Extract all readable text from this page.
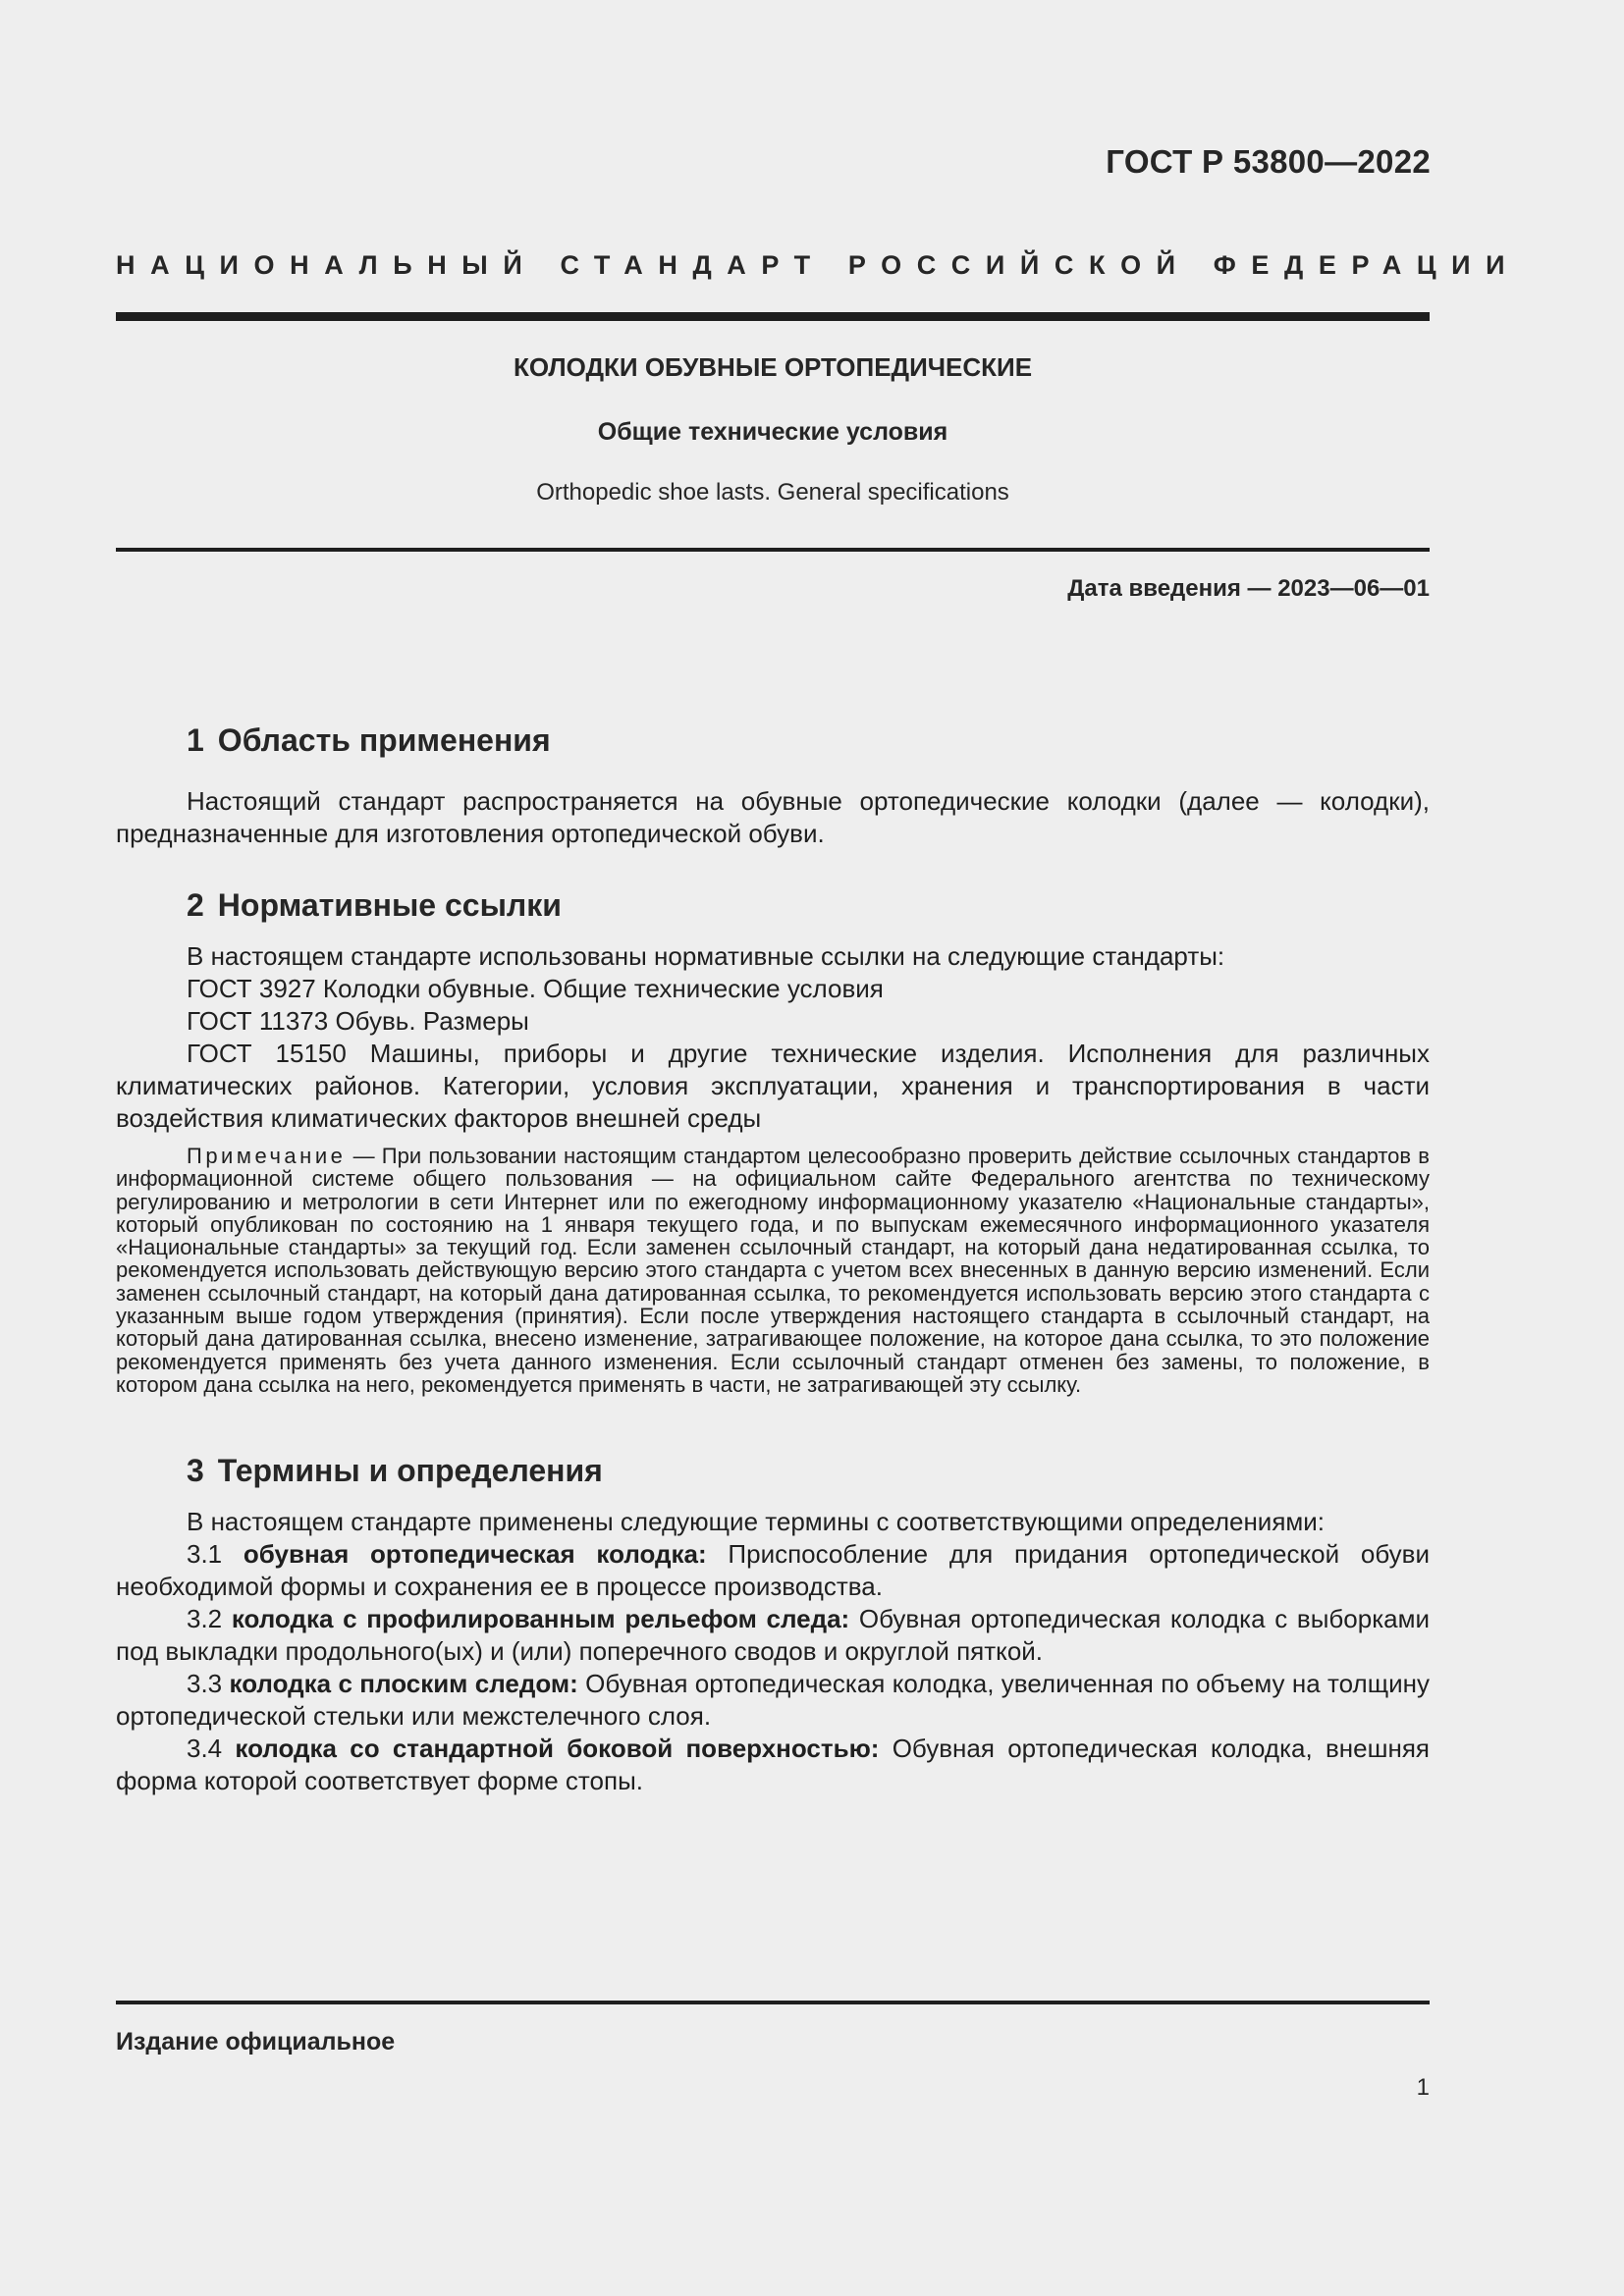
ГОСТ Р 53800—2022
НАЦИОНАЛЬНЫЙ СТАНДАРТ РОССИЙСКОЙ ФЕДЕРАЦИИ
КОЛОДКИ ОБУВНЫЕ ОРТОПЕДИЧЕСКИЕ
Общие технические условия
Orthopedic shoe lasts. General specifications
Дата введения — 2023—06—01
1 Область применения

Настоящий стандарт распространяется на обувные ортопедические колодки (далее — колодки), предназначенные для изготовления ортопедической обуви.

2 Нормативные ссылки

В настоящем стандарте использованы нормативные ссылки на следующие стандарты:

ГОСТ 3927 Колодки обувные. Общие технические условия

ГОСТ 11373 Обувь. Размеры

ГОСТ 15150 Машины, приборы и другие технические изделия. Исполнения для различных климатических районов. Категории, условия эксплуатации, хранения и транспортирования в части воздействия климатических факторов внешней среды

Примечание — При пользовании настоящим стандартом целесообразно проверить действие ссылочных стандартов в информационной системе общего пользования — на официальном сайте Федерального агентства по техническому регулированию и метрологии в сети Интернет или по ежегодному информационному указателю «Национальные стандарты», который опубликован по состоянию на 1 января текущего года, и по выпускам ежемесячного информационного указателя «Национальные стандарты» за текущий год. Если заменен ссылочный стандарт, на который дана недатированная ссылка, то рекомендуется использовать действующую версию этого стандарта с учетом всех внесенных в данную версию изменений. Если заменен ссылочный стандарт, на который дана датированная ссылка, то рекомендуется использовать версию этого стандарта с указанным выше годом утверждения (принятия). Если после утверждения настоящего стандарта в ссылочный стандарт, на который дана датированная ссылка, внесено изменение, затрагивающее положение, на которое дана ссылка, то это положение рекомендуется применять без учета данного изменения. Если ссылочный стандарт отменен без замены, то положение, в котором дана ссылка на него, рекомендуется применять в части, не затрагивающей эту ссылку.
3 Термины и определения

В настоящем стандарте применены следующие термины с соответствующими определениями:

3.1 обувная ортопедическая колодка: Приспособление для придания ортопедической обуви необходимой формы и сохранения ее в процессе производства.

3.2 колодка с профилированным рельефом следа: Обувная ортопедическая колодка с выборками под выкладки продольного(ых) и (или) поперечного сводов и округлой пяткой.

3.3 колодка с плоским следом: Обувная ортопедическая колодка, увеличенная по объему на толщину ортопедической стельки или межстелечного слоя.

3.4 колодка со стандартной боковой поверхностью: Обувная ортопедическая колодка, внешняя форма которой соответствует форме стопы.

Издание официальное
1
